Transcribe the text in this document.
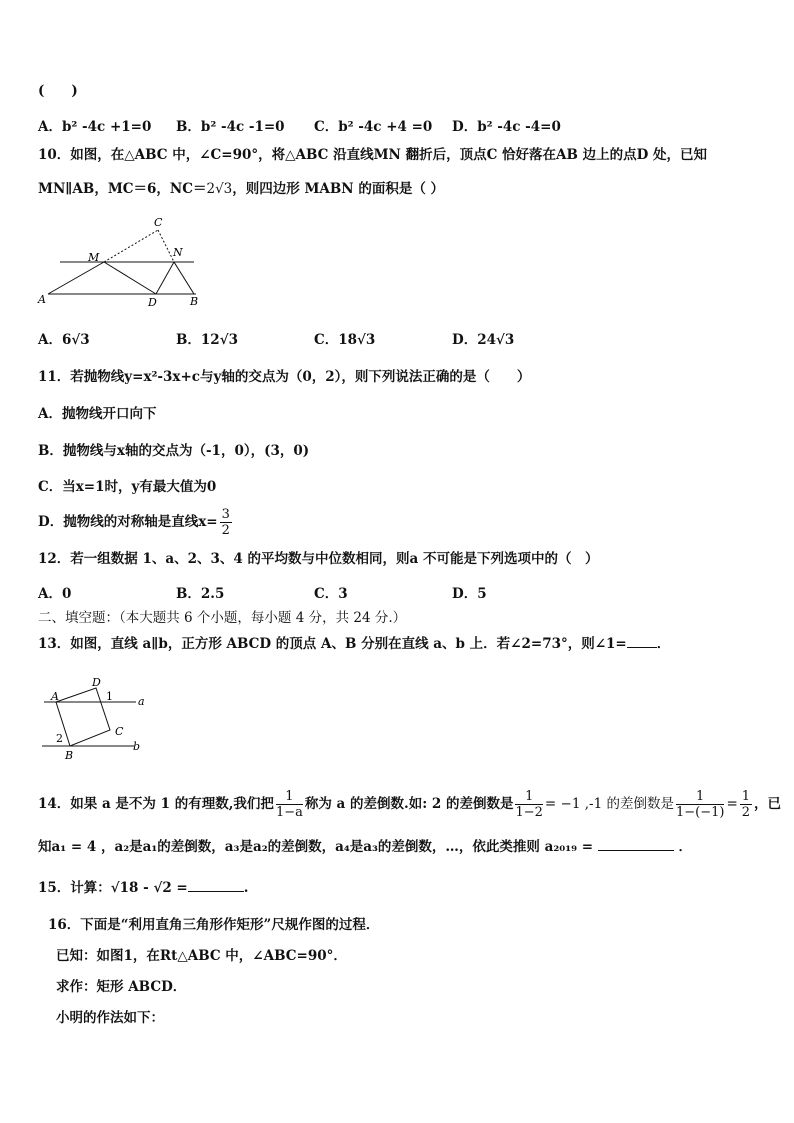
(　　)
A．b² -4c +1=0 B．b² -4c -1=0 C．b² -4c +4 =0 D．b² -4c -4=0
10．如图，在△ABC 中，∠C=90°，将△ABC 沿直线MN 翻折后，顶点C 恰好落在AB 边上的点D 处，已知
MN∥AB，MC＝6，NC＝2√3，则四边形 MABN 的面积是（ ）
C
M	N
A	D	B
A．6√3	B．12√3	C．18√3	D．24√3
11．若抛物线y=x²-3x+c与y轴的交点为（0，2），则下列说法正确的是（　　）
A．抛物线开口向下
B．抛物线与x轴的交点为（-1，0），(3，0)
C．当x=1时，y有最大值为0
D．抛物线的对称轴是直线$x= \frac{3}{2}$
12．若一组数据 1、a、2、3、4 的平均数与中位数相同，则a 不可能是下列选项中的（　）
A．0	B．2.5	C．3	D．5
二、填空题：（本大题共 6 个小题，每小题 4 分，共 24 分.）
13．如图，直线 a∥b，正方形 ABCD 的顶点 A、B 分别在直线 a、b 上．若∠2=73°，则∠1= ．
A
D
1 a
2
C
b
B
14．如果 a 是不为 1 的有理数,我们把 $\frac{1}{1-a}$ 称为 a 的差倒数.如: 2 的差倒数是 $\frac{1}{1-2} = -1$ ,-1 的差倒数是 $\frac{1}{1-(-1)} = \frac{1}{2}$ ，已
知a₁ = 4 ，a₂是a₁的差倒数，a₃是a₂的差倒数，a₄是a₃的差倒数，…，依此类推则 a₂₀₁₉ =	．
15．计算：√18 - √2 =	.
16．下面是“利用直角三角形作矩形”尺规作图的过程．
已知：如图1，在Rt△ABC 中，∠ABC=90°．
求作：矩形 ABCD．
小明的作法如下：
